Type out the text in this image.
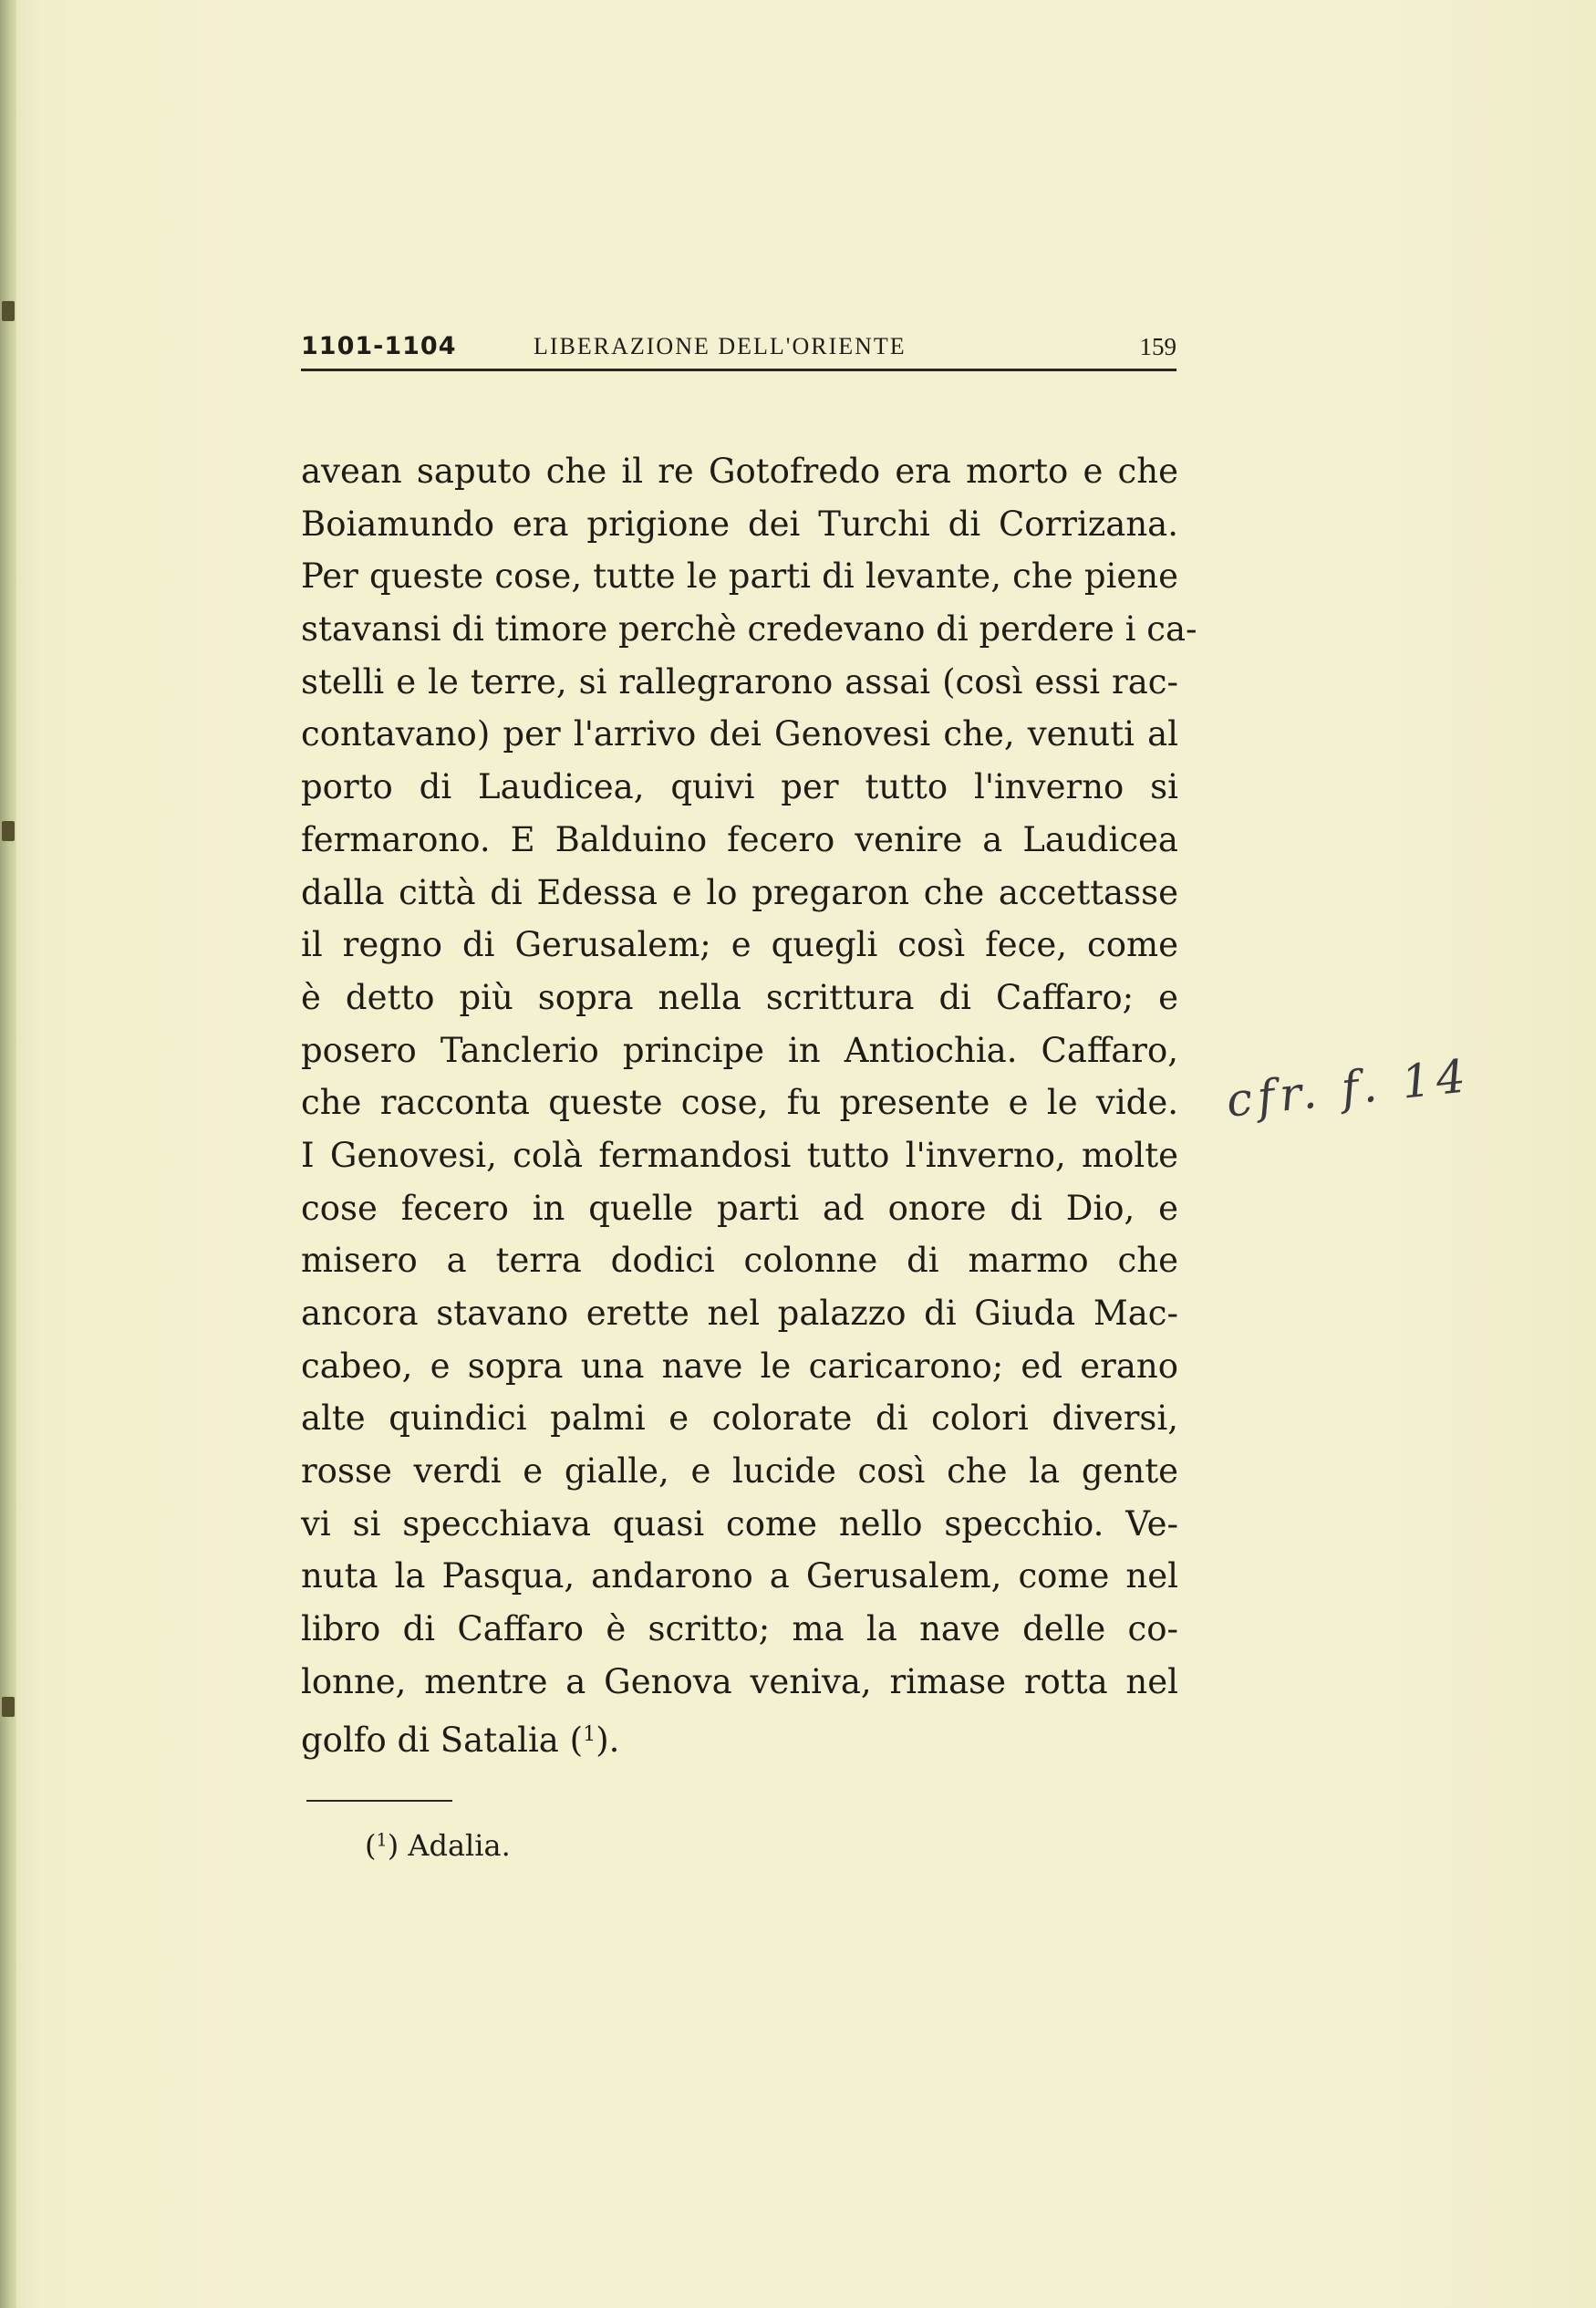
1101-1104	LIBERAZIONE DELL'ORIENTE	159
avean saputo che il re Gotofredo era morto e che
Boiamundo era prigione dei Turchi di Corrizana.
Per queste cose, tutte le parti di levante, che piene
stavansi di timore perchè credevano di perdere i ca-
stelli e le terre, si rallegrarono assai (così essi rac-
contavano) per l'arrivo dei Genovesi che, venuti al
porto di Laudicea, quivi per tutto l'inverno si
fermarono. E Balduino fecero venire a Laudicea
dalla città di Edessa e lo pregaron che accettasse
il regno di Gerusalem; e quegli così fece, come
è detto più sopra nella scrittura di Caffaro; e
posero Tanclerio principe in Antiochia. Caffaro,
che racconta queste cose, fu presente e le vide.
I Genovesi, colà fermandosi tutto l'inverno, molte
cose fecero in quelle parti ad onore di Dio, e
misero a terra dodici colonne di marmo che
ancora stavano erette nel palazzo di Giuda Mac-
cabeo, e sopra una nave le caricarono; ed erano
alte quindici palmi e colorate di colori diversi,
rosse verdi e gialle, e lucide così che la gente
vi si specchiava quasi come nello specchio. Ve-
nuta la Pasqua, andarono a Gerusalem, come nel
libro di Caffaro è scritto; ma la nave delle co-
lonne, mentre a Genova veniva, rimase rotta nel
golfo di Satalia ($^1$).
cfr. f. 14
($^1$) Adalia.
